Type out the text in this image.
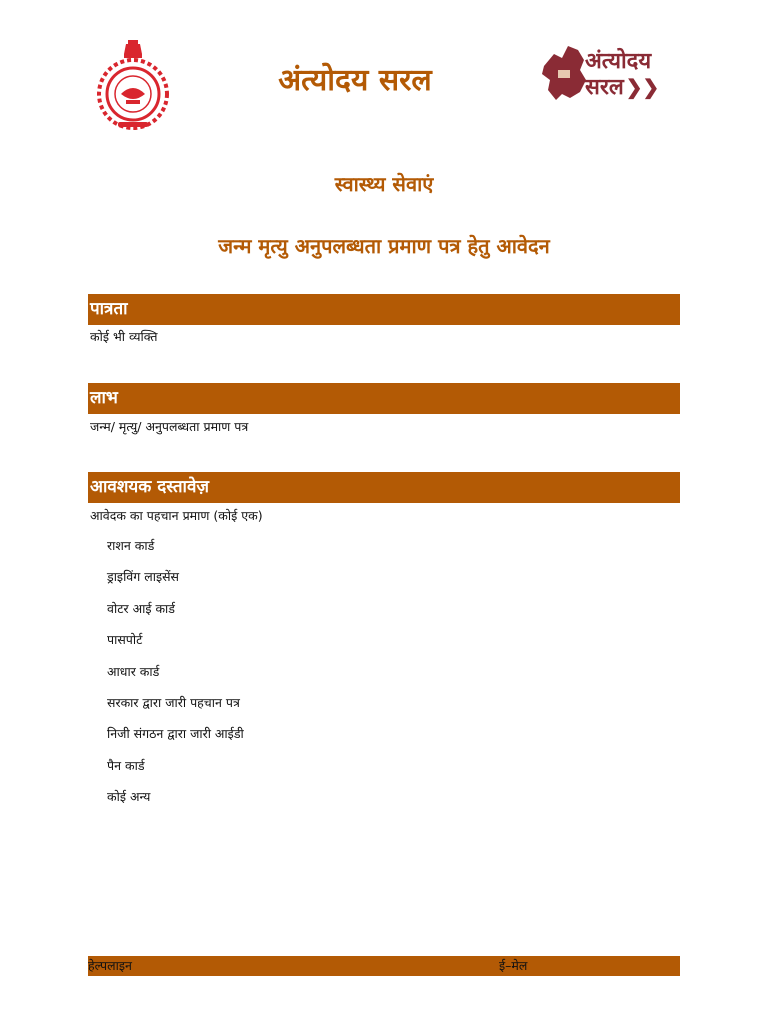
अंत्योदय सरल
अंत्योदय
सरल ❯❯
स्वास्थ्य सेवाएं
जन्म मृत्यु अनुपलब्धता प्रमाण पत्र हेतु आवेदन
पात्रता
कोई भी व्यक्ति
लाभ
जन्म/ मृत्यु/ अनुपलब्धता प्रमाण पत्र
आवशयक दस्तावेज़
आवेदक का पहचान प्रमाण (कोई एक)
राशन कार्ड
ड्राइविंग लाइसेंस
वोटर आई कार्ड
पासपोर्ट
आधार कार्ड
सरकार द्वारा जारी पहचान पत्र
निजी संगठन द्वारा जारी आईडी
पैन कार्ड
कोई अन्य
हेल्पलाइन	ई–मेल
